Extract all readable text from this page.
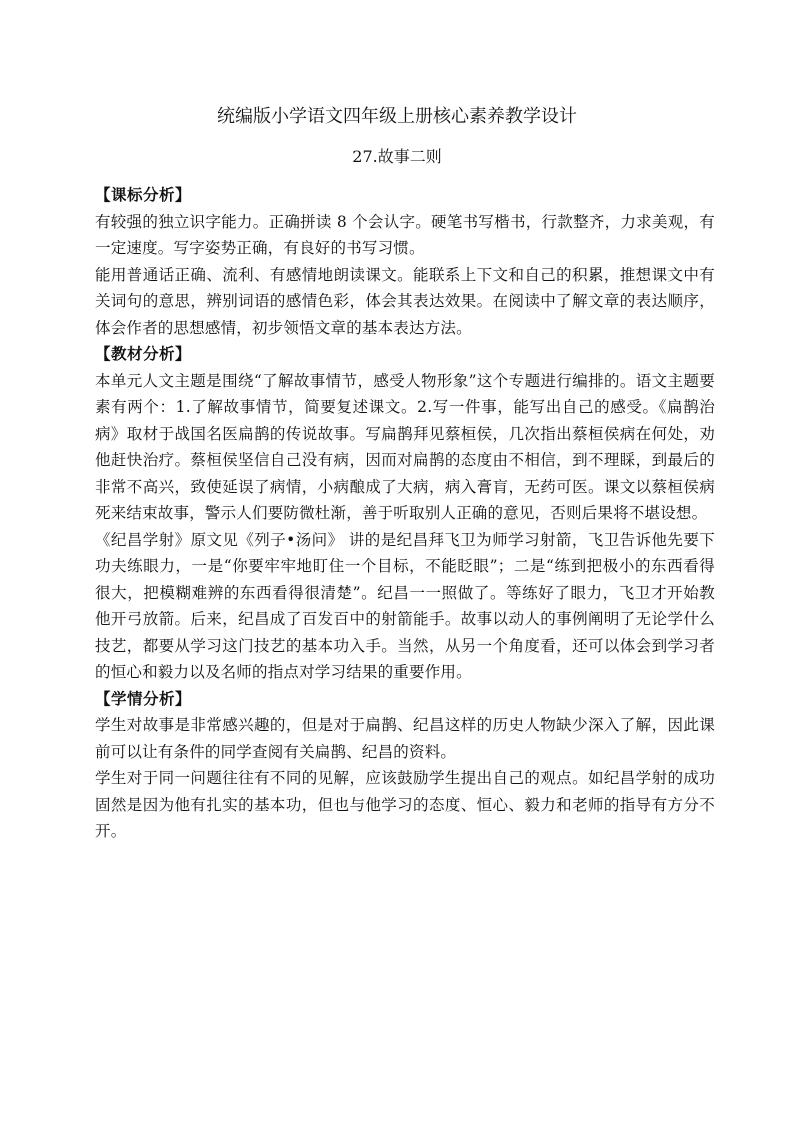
统编版小学语文四年级上册核心素养教学设计
27.故事二则

【课标分析】

有较强的独立识字能力。正确拼读 8 个会认字。硬笔书写楷书，行款整齐，力求美观，有一定速度。写字姿势正确，有良好的书写习惯。

能用普通话正确、流利、有感情地朗读课文。能联系上下文和自己的积累，推想课文中有关词句的意思，辨别词语的感情色彩，体会其表达效果。在阅读中了解文章的表达顺序，体会作者的思想感情，初步领悟文章的基本表达方法。

【教材分析】

本单元人文主题是围绕“了解故事情节，感受人物形象”这个专题进行编排的。语文主题要素有两个：1.了解故事情节，简要复述课文。2.写一件事，能写出自己的感受。《扁鹊治病》取材于战国名医扁鹊的传说故事。写扁鹊拜见蔡桓侯，几次指出蔡桓侯病在何处，劝他赶快治疗。蔡桓侯坚信自己没有病，因而对扁鹊的态度由不相信，到不理睬，到最后的非常不高兴，致使延误了病情，小病酿成了大病，病入膏肓，无药可医。课文以蔡桓侯病死来结束故事，警示人们要防微杜渐，善于听取别人正确的意见，否则后果将不堪设想。

《纪昌学射》原文见《列子•汤问》 讲的是纪昌拜飞卫为师学习射箭，飞卫告诉他先要下功夫练眼力，一是“你要牢牢地盯住一个目标，不能眨眼”；二是“练到把极小的东西看得很大，把模糊难辨的东西看得很清楚”。纪昌一一照做了。等练好了眼力，飞卫才开始教他开弓放箭。后来，纪昌成了百发百中的射箭能手。故事以动人的事例阐明了无论学什么技艺，都要从学习这门技艺的基本功入手。当然，从另一个角度看，还可以体会到学习者的恒心和毅力以及名师的指点对学习结果的重要作用。

【学情分析】

学生对故事是非常感兴趣的，但是对于扁鹊、纪昌这样的历史人物缺少深入了解，因此课前可以让有条件的同学查阅有关扁鹊、纪昌的资料。

学生对于同一问题往往有不同的见解，应该鼓励学生提出自己的观点。如纪昌学射的成功固然是因为他有扎实的基本功，但也与他学习的态度、恒心、毅力和老师的指导有方分不开。
